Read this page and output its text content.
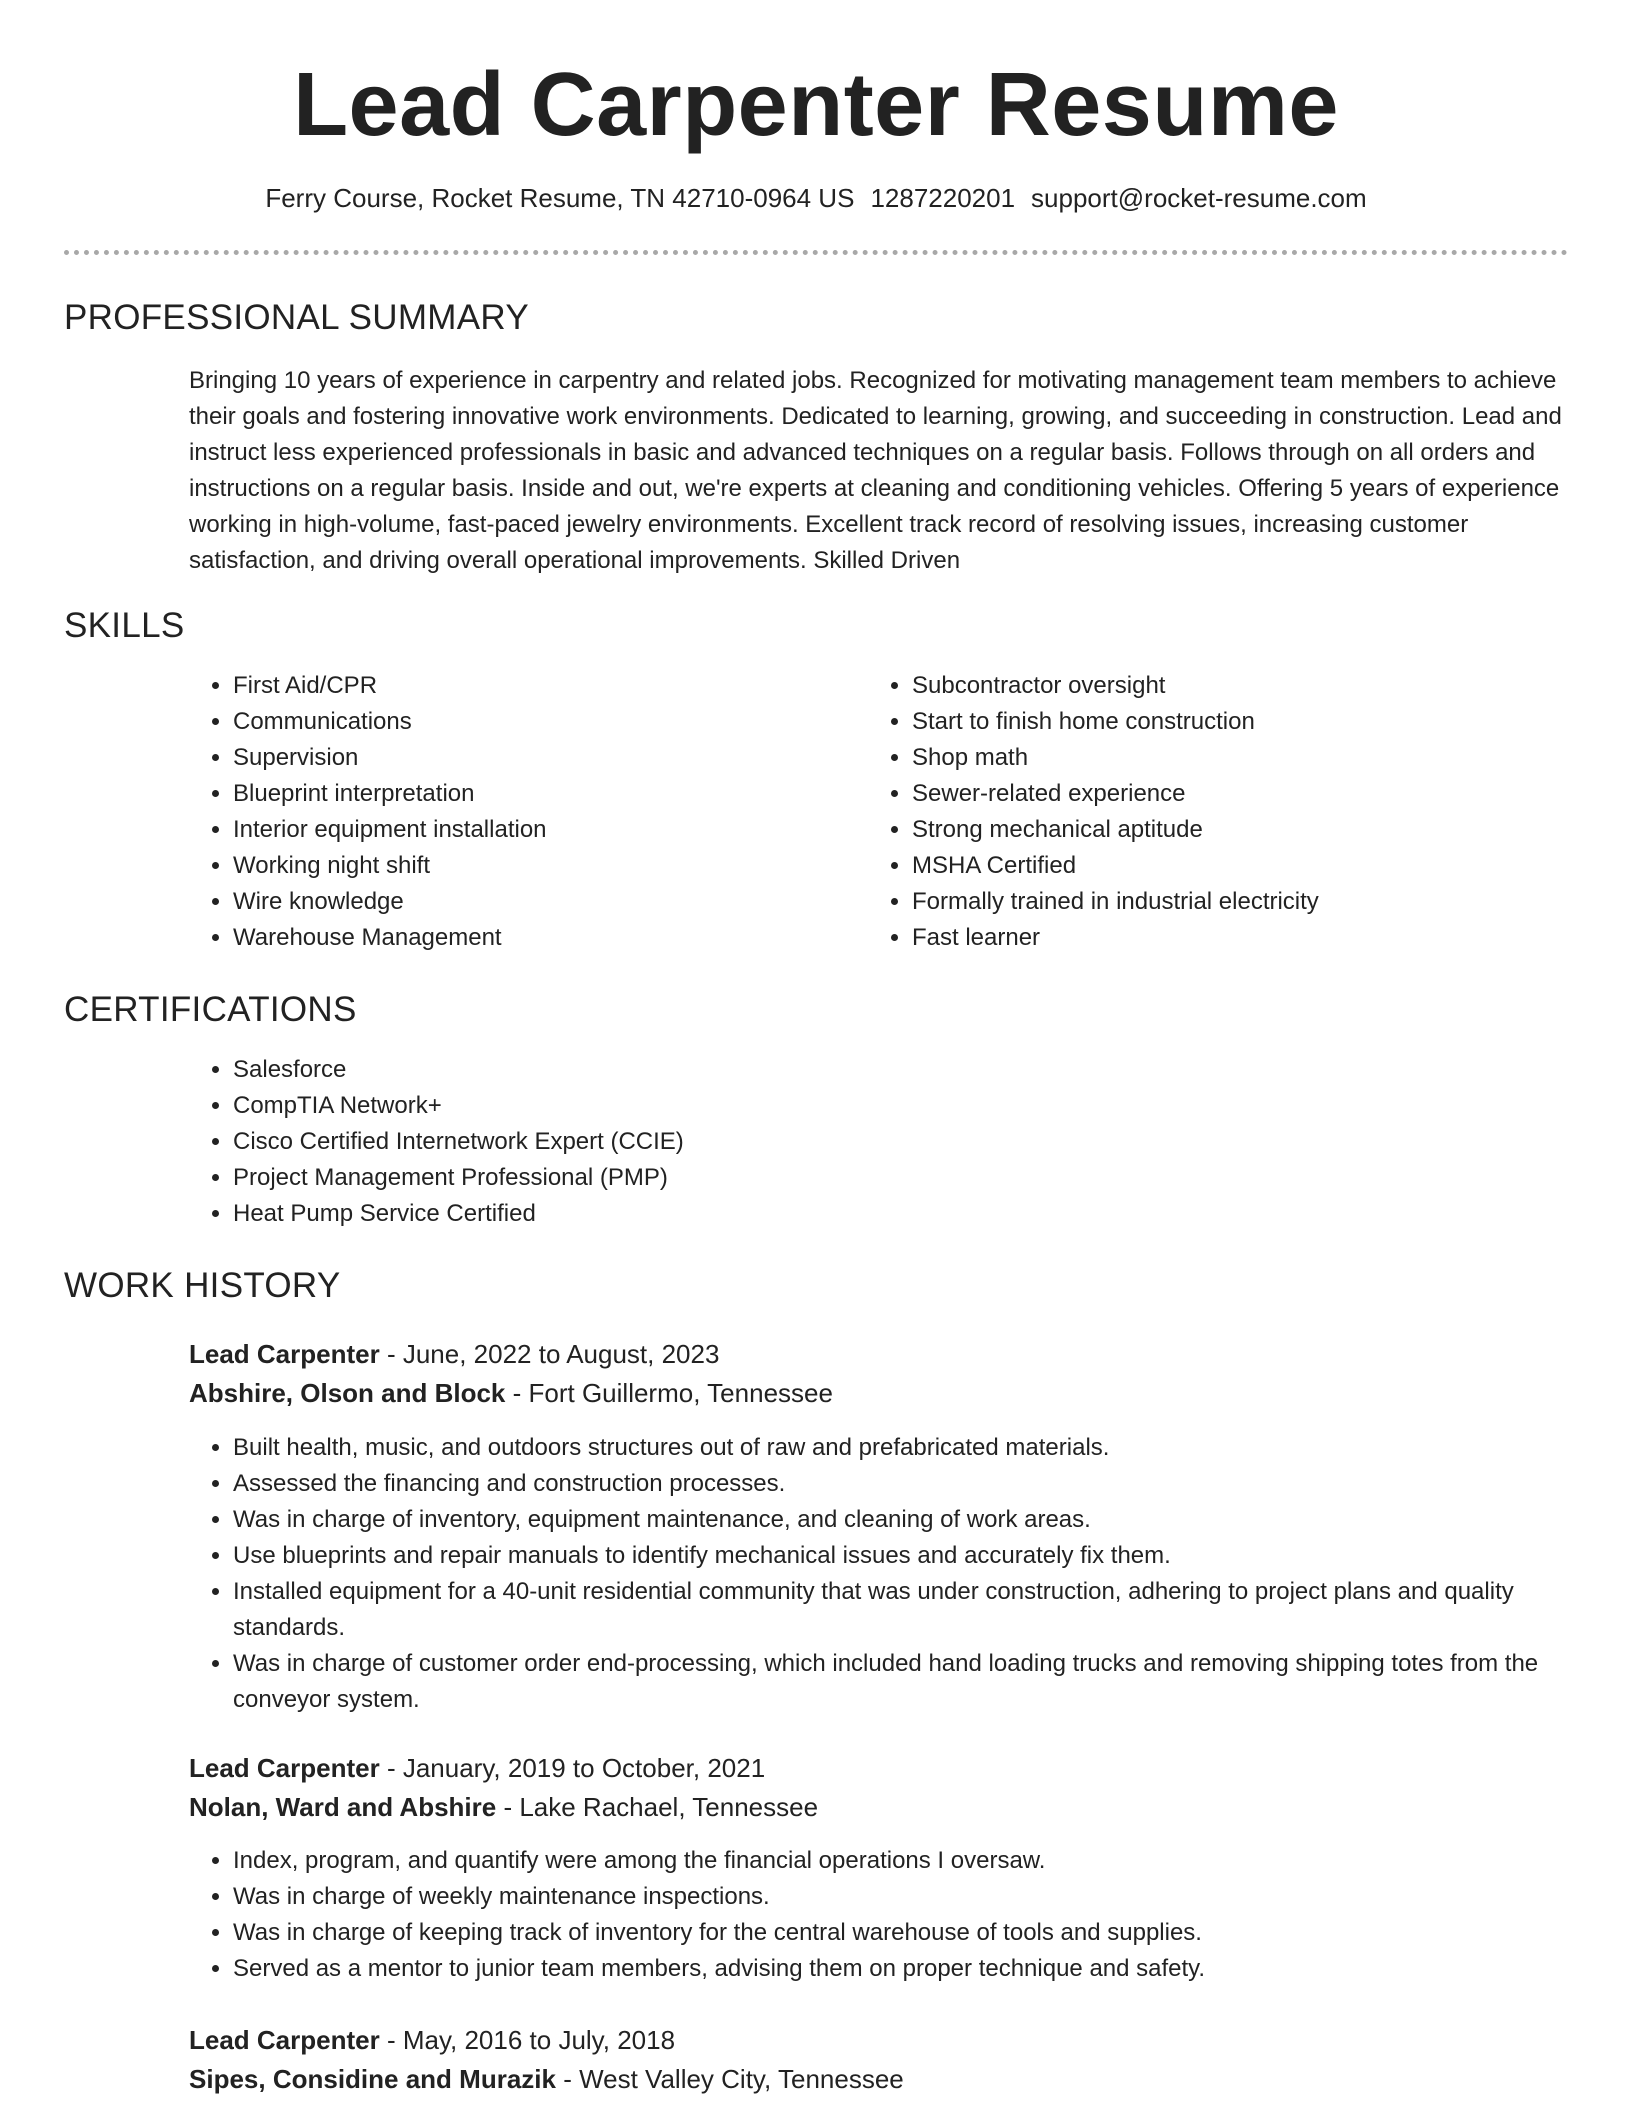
Lead Carpenter Resume
Ferry Course, Rocket Resume, TN 42710-0964 US 1287220201 support@rocket-resume.com
PROFESSIONAL SUMMARY

Bringing 10 years of experience in carpentry and related jobs. Recognized for motivating management team members to achieve their goals and fostering innovative work environments. Dedicated to learning, growing, and succeeding in construction. Lead and instruct less experienced professionals in basic and advanced techniques on a regular basis. Follows through on all orders and instructions on a regular basis. Inside and out, we're experts at cleaning and conditioning vehicles. Offering 5 years of experience working in high-volume, fast-paced jewelry environments. Excellent track record of resolving issues, increasing customer satisfaction, and driving overall operational improvements. Skilled Driven

SKILLS
• First Aid/CPR
• Communications
• Supervision
• Blueprint interpretation
• Interior equipment installation
• Working night shift
• Wire knowledge
• Warehouse Management
• Subcontractor oversight
• Start to finish home construction
• Shop math
• Sewer-related experience
• Strong mechanical aptitude
• MSHA Certified
• Formally trained in industrial electricity
• Fast learner
CERTIFICATIONS
• Salesforce
• CompTIA Network+
• Cisco Certified Internetwork Expert (CCIE)
• Project Management Professional (PMP)
• Heat Pump Service Certified
WORK HISTORY
Lead Carpenter - June, 2022 to August, 2023
Abshire, Olson and Block - Fort Guillermo, Tennessee
• Built health, music, and outdoors structures out of raw and prefabricated materials.
• Assessed the financing and construction processes.
• Was in charge of inventory, equipment maintenance, and cleaning of work areas.
• Use blueprints and repair manuals to identify mechanical issues and accurately fix them.
• Installed equipment for a 40-unit residential community that was under construction, adhering to project plans and quality standards.
• Was in charge of customer order end-processing, which included hand loading trucks and removing shipping totes from the conveyor system.
Lead Carpenter - January, 2019 to October, 2021
Nolan, Ward and Abshire - Lake Rachael, Tennessee
• Index, program, and quantify were among the financial operations I oversaw.
• Was in charge of weekly maintenance inspections.
• Was in charge of keeping track of inventory for the central warehouse of tools and supplies.
• Served as a mentor to junior team members, advising them on proper technique and safety.
Lead Carpenter - May, 2016 to July, 2018
Sipes, Considine and Murazik - West Valley City, Tennessee
